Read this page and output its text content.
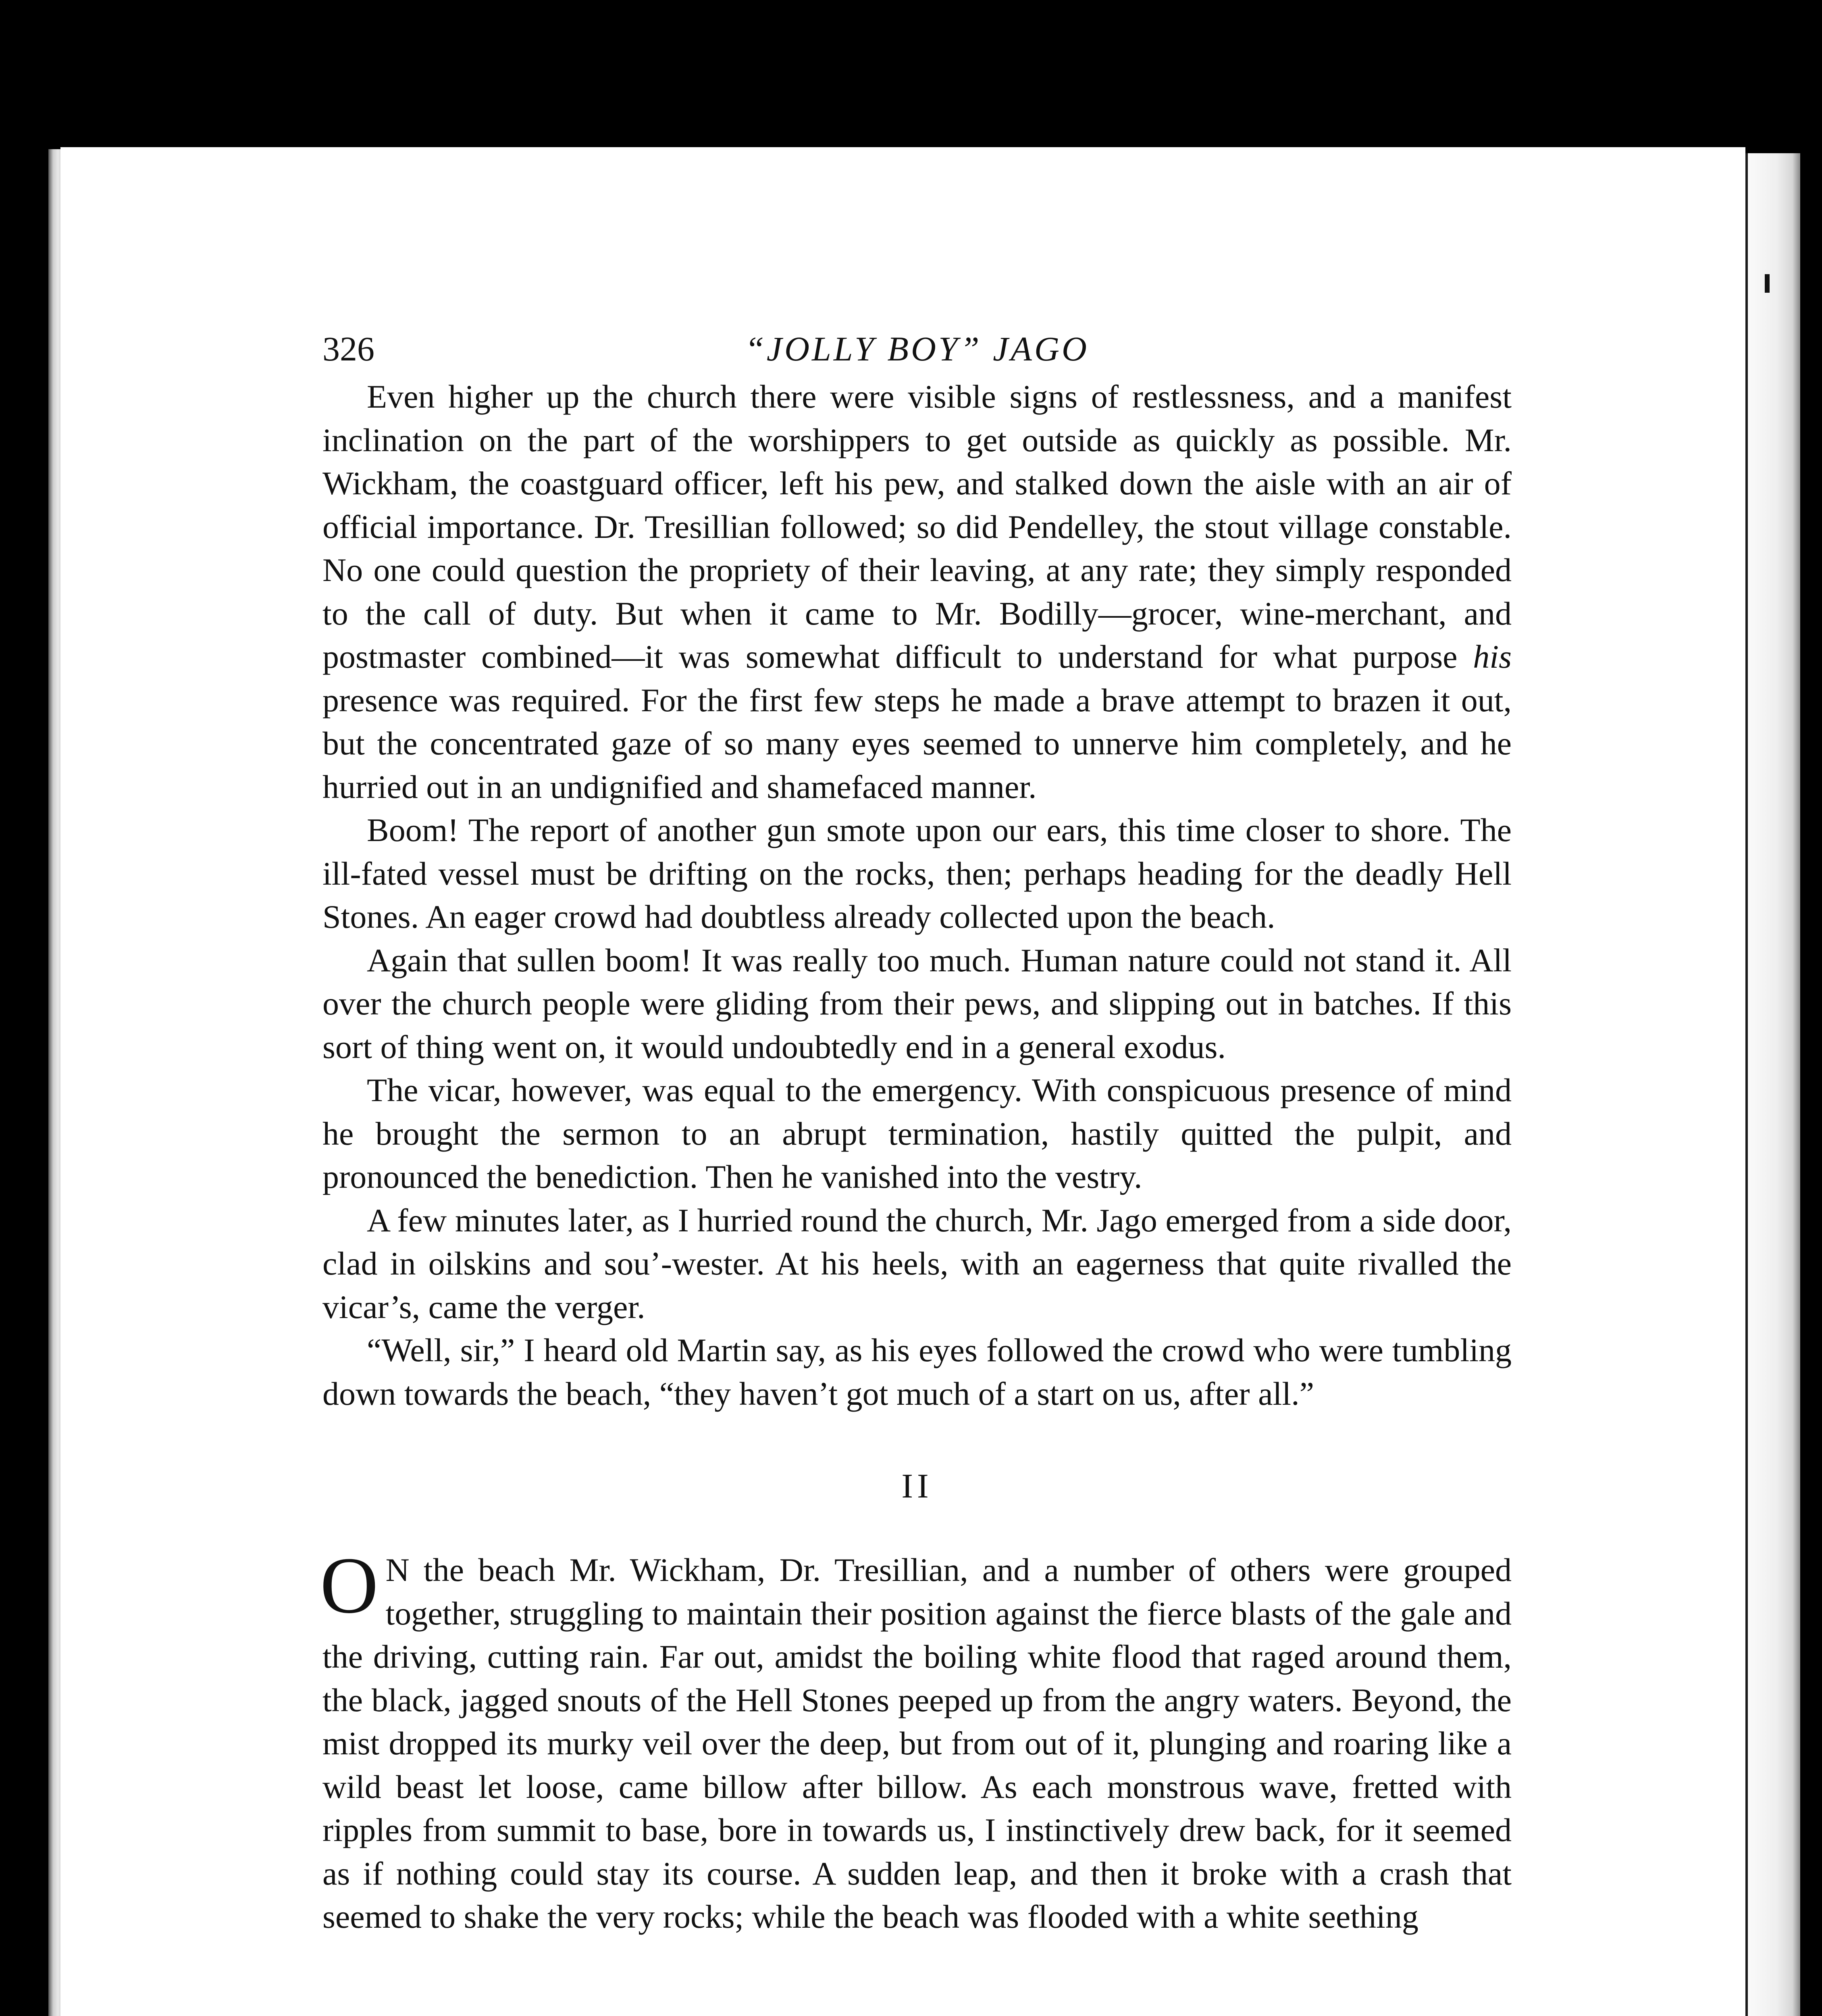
326	“JOLLY BOY” JAGO

Even higher up the church there were visible signs of restlessness, and a manifest inclination on the part of the worshippers to get outside as quickly as possible. Mr. Wickham, the coastguard officer, left his pew, and stalked down the aisle with an air of official importance. Dr. Tresillian followed; so did Pendelley, the stout village constable. No one could question the propriety of their leaving, at any rate; they simply responded to the call of duty. But when it came to Mr. Bodilly—grocer, wine-merchant, and postmaster combined—it was somewhat difficult to understand for what purpose his presence was required. For the first few steps he made a brave attempt to brazen it out, but the concentrated gaze of so many eyes seemed to unnerve him completely, and he hurried out in an undignified and shamefaced manner.

Boom! The report of another gun smote upon our ears, this time closer to shore. The ill-fated vessel must be drifting on the rocks, then; perhaps heading for the deadly Hell Stones. An eager crowd had doubtless already collected upon the beach.

Again that sullen boom! It was really too much. Human nature could not stand it. All over the church people were gliding from their pews, and slipping out in batches. If this sort of thing went on, it would undoubtedly end in a general exodus.

The vicar, however, was equal to the emergency. With conspicuous presence of mind he brought the sermon to an abrupt termination, hastily quitted the pulpit, and pronounced the benediction. Then he vanished into the vestry.

A few minutes later, as I hurried round the church, Mr. Jago emerged from a side door, clad in oilskins and sou’-wester. At his heels, with an eagerness that quite rivalled the vicar’s, came the verger.

“Well, sir,” I heard old Martin say, as his eyes followed the crowd who were tumbling down towards the beach, “they haven’t got much of a start on us, after all.”

II

O N the beach Mr. Wickham, Dr. Tresillian, and a number of others were grouped together, struggling to maintain their position against the fierce blasts of the gale and the driving, cutting rain. Far out, amidst the boiling white flood that raged around them, the black, jagged snouts of the Hell Stones peeped up from the angry waters. Beyond, the mist dropped its murky veil over the deep, but from out of it, plunging and roaring like a wild beast let loose, came billow after billow. As each monstrous wave, fretted with ripples from summit to base, bore in towards us, I instinctively drew back, for it seemed as if nothing could stay its course. A sudden leap, and then it broke with a crash that seemed to shake the very rocks; while the beach was flooded with a white seething
